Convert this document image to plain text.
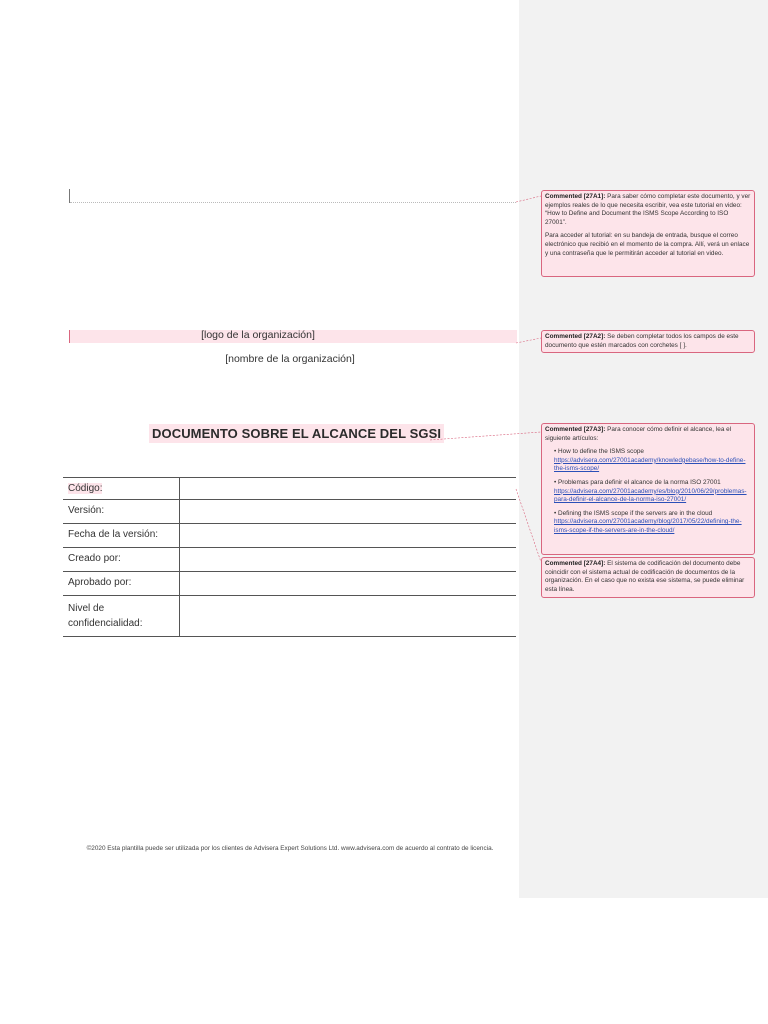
[logo de la organización]
[nombre de la organización]
DOCUMENTO SOBRE EL ALCANCE DEL SGSI
Código:	
Versión:	
Fecha de la versión:	
Creado por:	
Aprobado por:	
Nivel de confidencialidad:	
©2020 Esta plantilla puede ser utilizada por los clientes de Advisera Expert Solutions Ltd. www.advisera.com de acuerdo al contrato de licencia.

Commented [27A1]: Para saber cómo completar este documento, y ver ejemplos reales de lo que necesita escribir, vea este tutorial en video: “How to Define and Document the ISMS Scope According to ISO 27001”.

Para acceder al tutorial: en su bandeja de entrada, busque el correo electrónico que recibió en el momento de la compra. Allí, verá un enlace y una contraseña que le permitirán acceder al tutorial en video.

Commented [27A2]: Se deben completar todos los campos de este documento que estén marcados con corchetes [ ].

Commented [27A3]: Para conocer cómo definir el alcance, lea el siguiente artículos:

• How to define the ISMS scope
https://advisera.com/27001academy/knowledgebase/how-to-define-the-isms-scope/
• Problemas para definir el alcance de la norma ISO 27001
https://advisera.com/27001academy/es/blog/2010/06/29/problemas-para-definir-el-alcance-de-la-norma-iso-27001/
• Defining the ISMS scope if the servers are in the cloud
https://advisera.com/27001academy/blog/2017/05/22/defining-the-isms-scope-if-the-servers-are-in-the-cloud/

Commented [27A4]: El sistema de codificación del documento debe coincidir con el sistema actual de codificación de documentos de la organización. En el caso que no exista ese sistema, se puede eliminar esta línea.
